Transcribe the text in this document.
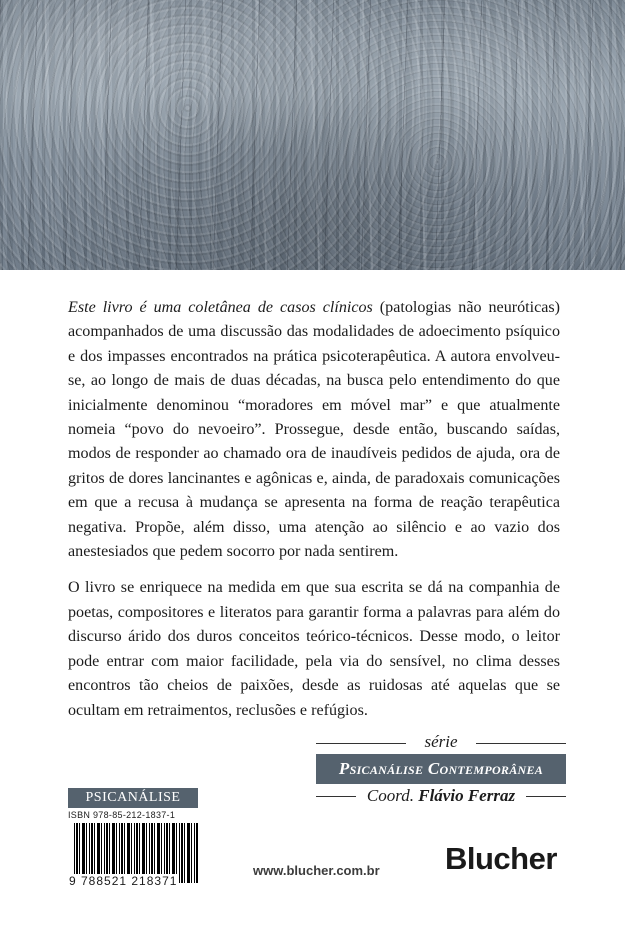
Este livro é uma coletânea de casos clínicos (patologias não neuróticas) acompanhados de uma discussão das modalidades de adoecimento psíquico e dos impasses encontrados na prática psicoterapêutica. A autora envolveu-se, ao longo de mais de duas décadas, na busca pelo entendimento do que inicialmente denominou “moradores em móvel mar” e que atualmente nomeia “povo do nevoeiro”. Prossegue, desde então, buscando saídas, modos de responder ao chamado ora de inaudíveis pedidos de ajuda, ora de gritos de dores lancinantes e agônicas e, ainda, de paradoxais comunicações em que a recusa à mudança se apresenta na forma de reação terapêutica negativa. Propõe, além disso, uma atenção ao silêncio e ao vazio dos anestesiados que pedem socorro por nada sentirem.

O livro se enriquece na medida em que sua escrita se dá na companhia de poetas, compositores e literatos para garantir forma a palavras para além do discurso árido dos duros conceitos teórico-técnicos. Desse modo, o leitor pode entrar com maior facilidade, pela via do sensível, no clima desses encontros tão cheios de paixões, desde as ruidosas até aquelas que se ocultam em retraimentos, reclusões e refúgios.

série
Psicanálise Contemporânea
Coord. Flávio Ferraz
PSICANÁLISE
ISBN 978-85-212-1837-1
9 788521 218371
www.blucher.com.br Blucher
